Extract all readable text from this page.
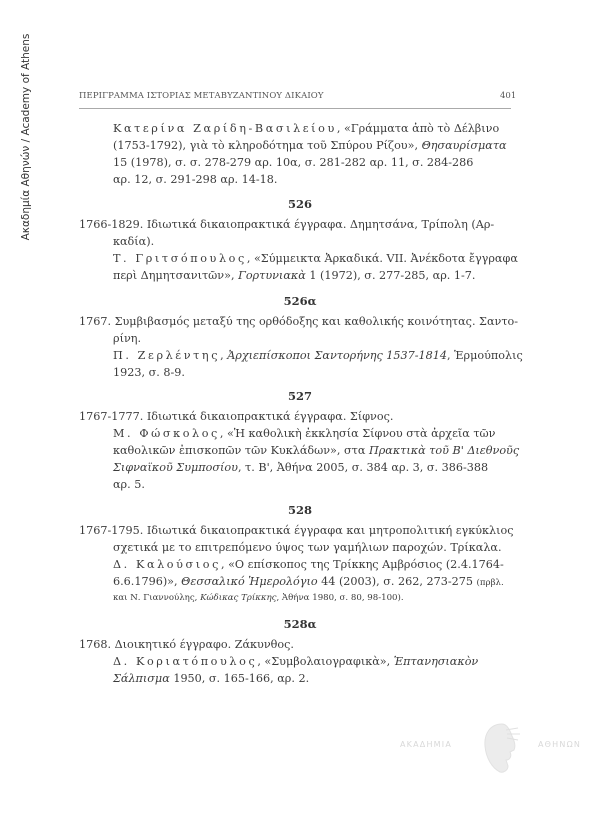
Ακαδημία Αθηνών / Academy of Athens	ΠΕΡΙΓΡΑΜΜΑ ΙΣΤΟΡΙΑΣ ΜΕΤΑΒΥΖΑΝΤΙΝΟΥ ΔΙΚΑΙΟΥ	401
Κατερίνα Ζαρίδη-Βασιλείου, «Γράμματα ἀπὸ τὸ Δέλβινο
(1753-1792), γιὰ τὸ κληροδότημα τοῦ Σπύρου Ρίζου», Θησαυρίσματα
15 (1978), σ. σ. 278-279 αρ. 10α, σ. 281-282 αρ. 11, σ. 284-286
αρ. 12, σ. 291-298 αρ. 14-18.
526
1766-1829. Ιδιωτικά δικαιοπρακτικά έγγραφα. Δημητσάνα, Τρίπολη (Αρ-
καδία).
Τ. Γριτσόπουλος, «Σύμμεικτα Ἀρκαδικά. VII. Ἀνέκδοτα ἔγγραφα
περὶ Δημητσανιτῶν», Γορτυνιακὰ 1 (1972), σ. 277-285, αρ. 1-7.
526α
1767. Συμβιβασμός μεταξύ της ορθόδοξης και καθολικής κοινότητας. Σαντο-
ρίνη.
Π. Ζερλέντης, Ἀρχιεπίσκοποι Σαντορήνης 1537-1814, Ἑρμούπολις
1923, σ. 8-9.
527
1767-1777. Ιδιωτικά δικαιοπρακτικά έγγραφα. Σίφνος.
Μ. Φώσκολος, «Ἡ καθολικὴ ἐκκλησία Σίφνου στὰ ἀρχεῖα τῶν
καθολικῶν ἐπισκοπῶν τῶν Κυκλάδων», στα Πρακτικὰ τοῦ Β' Διεθνοῦς
Σιφναϊκοῦ Συμποσίου, τ. Β', Ἀθήνα 2005, σ. 384 αρ. 3, σ. 386-388
αρ. 5.
528
1767-1795. Ιδιωτικά δικαιοπρακτικά έγγραφα και μητροπολιτική εγκύκλιος
σχετικά με το επιτρεπόμενο ύψος των γαμήλιων παροχών. Τρίκαλα.
Δ. Καλούσιος, «Ο επίσκοπος της Τρίκκης Αμβρόσιος (2.4.1764-
6.6.1796)», Θεσσαλικό Ἡμερολόγιο 44 (2003), σ. 262, 273-275 (πρβλ.
και Ν. Γιαννούλης, Κώδικας Τρίκκης, Ἀθήνα 1980, σ. 80, 98-100).
528α
1768. Διοικητικό έγγραφο. Ζάκυνθος.
Δ. Κοριατόπουλος, «Συμβολαιογραφικὰ», Ἑπτανησιακὸν
Σάλπισμα 1950, σ. 165-166, αρ. 2.
ΑΚΑΔΗΜΙΑ	ΑΘΗΝΩΝ
